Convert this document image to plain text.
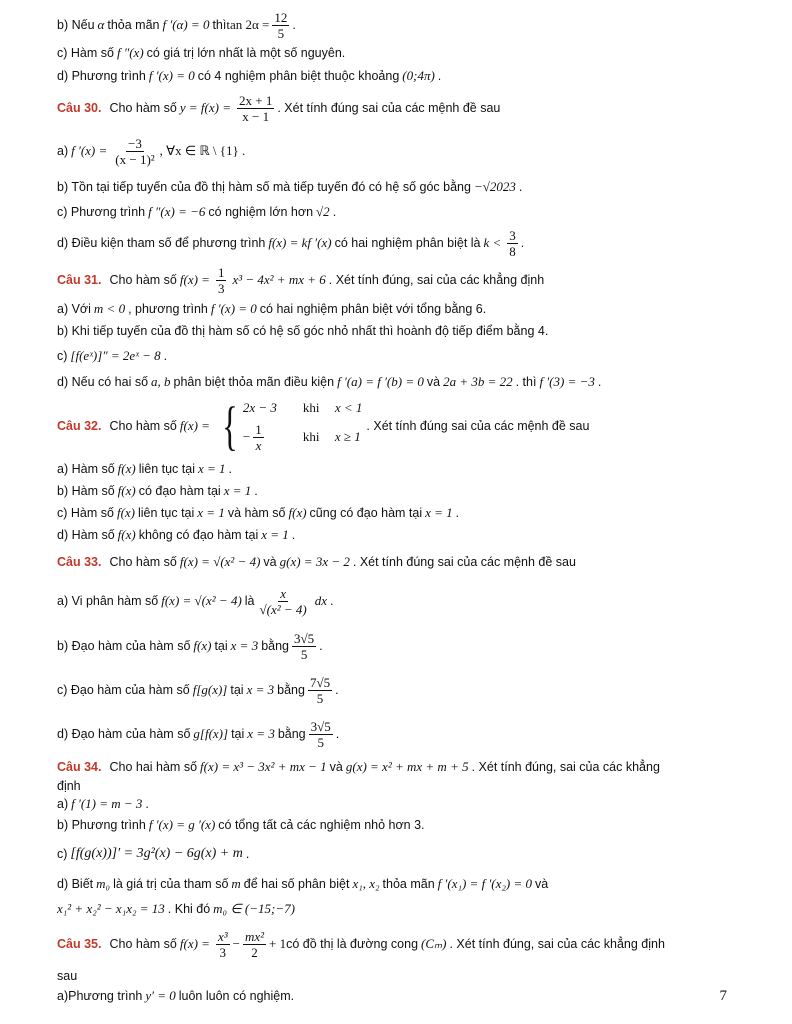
b) Nếu α thỏa mãn f ′(α) = 0 thì $\tan 2\alpha = \frac{12}{5}$ .
c) Hàm số f ″(x) có giá trị lớn nhất là một số nguyên.
d) Phương trình f ′(x) = 0 có 4 nghiệm phân biệt thuộc khoảng (0;4π) .
Câu 30. Cho hàm số $y = f(x) = \frac{2x + 1}{x - 1}$ . Xét tính đúng sai của các mệnh đề sau
a) f $'(x) = \frac{-3}{\text{(x − 1)²}}$ , ∀x ∈ ℝ \ {1} .
b) Tồn tại tiếp tuyến của đồ thị hàm số mà tiếp tuyến đó có hệ số góc bằng −√2023 .
c) Phương trình f ″(x) = −6 có nghiệm lớn hơn √2 .
d) Điều kiện tham số để phương trình f(x) = kf ′(x) có hai nghiệm phân biệt là $k < \frac{3}{8}$ .
Câu 31. Cho hàm số $f(x) = \frac{1}{3} x^3 - 4x^2$ + mx + 6 . Xét tính đúng, sai của các khẳng định
a) Với m < 0 , phương trình f ′(x) = 0 có hai nghiệm phân biệt với tổng bằng 6.
b) Khi tiếp tuyến của đồ thị hàm số có hệ số góc nhỏ nhất thì hoành độ tiếp điểm bằng 4.
c) [f(eˣ)]″ = 2eˣ − 8 .
d) Nếu có hai số a, b phân biệt thỏa mãn điều kiện f ′(a) = f ′(b) = 0 và 2a + 3b = 22 . thì f ′(3) = −3 .
Câu 32. Cho hàm số f(x) = { 2x − 3	khi	x < 1
− $\frac{1}{x}$	khi	x ≥ 1
. Xét tính đúng sai của các mệnh đề sau
a) Hàm số f(x) liên tục tại x = 1 .
b) Hàm số f(x) có đạo hàm tại x = 1 .
c) Hàm số f(x) liên tục tại x = 1 và hàm số f(x) cũng có đạo hàm tại x = 1 .
d) Hàm số f(x) không có đạo hàm tại x = 1 .
Câu 33. Cho hàm số f(x) = √(x² − 4) và g(x) = 3x − 2 . Xét tính đúng sai của các mệnh đề sau
a) Vi phân hàm số f(x) = √(x² − 4) là $\frac{x}{\text{√(x² − 4)}}$ dx .
b) Đạo hàm của hàm số f(x) tại x = 3 bằng $\frac{3√5}{5}$ .
c) Đạo hàm của hàm số f[g(x)] tại x = 3 bằng $\frac{7√5}{5}$ .
d) Đạo hàm của hàm số g[f(x)] tại x = 3 bằng $\frac{3√5}{5}$ .
Câu 34. Cho hai hàm số f(x) = x³ − 3x² + mx − 1 và g(x) = x² + mx + m + 5 . Xét tính đúng, sai của các khẳng
định
a) f ′(1) = m − 3 .
b) Phương trình f ′(x) = g ′(x) có tổng tất cả các nghiệm nhỏ hơn 3.
c) [f(g(x))]′ = 3g²(x) − 6g(x) + m .
d) Biết m₀ là giá trị của tham số m để hai số phân biệt x₁, x₂ thỏa mãn f ′(x₁) = f ′(x₂) = 0 và
x₁² + x₂² − x₁x₂ = 13 . Khi đó m₀ ∈ (−15;−7)
Câu 35. Cho hàm số $f(x) = \frac{\text{x³}}{3} - \frac{\text{mx²}}{2} + 1$ có đồ thị là đường cong (Cₘ) . Xét tính đúng, sai của các khẳng định
sau
a)Phương trình y′ = 0 luôn luôn có nghiệm.	7
